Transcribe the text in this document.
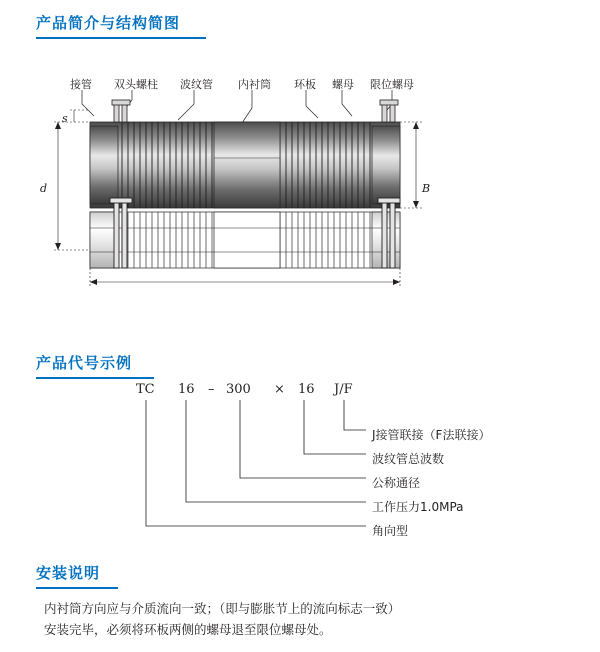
产品简介与结构简图
接管 双头螺柱 波纹管 内衬筒 环板 螺母 限位螺母
s
d	B
产品代号示例
TC 16 – 300 × 16 J/F
J接管联接（F法联接）
波纹管总波数
公称通径
工作压力1.0MPa
角向型
安装说明
内衬筒方向应与介质流向一致；（即与膨胀节上的流向标志一致）
安装完毕，必须将环板两侧的螺母退至限位螺母处。
